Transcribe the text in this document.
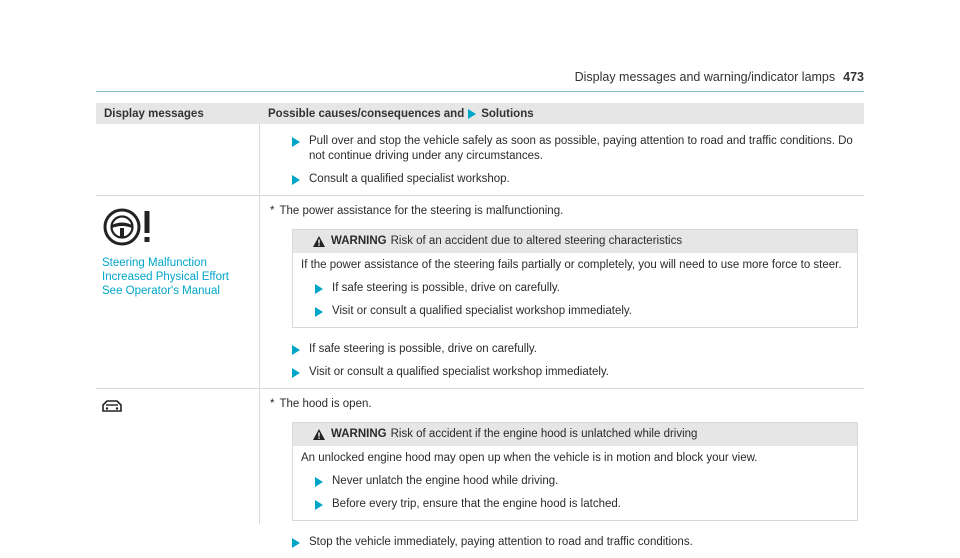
Display messages and warning/indicator lamps 473
Display messages	Possible causes/consequences and Solutions
Pull over and stop the vehicle safely as soon as possible, paying attention to road and traffic conditions. Do not continue driving under any circumstances.
Consult a qualified specialist workshop.
Steering Malfunction
Increased Physical Effort
See Operator's Manual
* The power assistance for the steering is malfunctioning.
WARNING Risk of an accident due to altered steering characteristics
If the power assistance of the steering fails partially or completely, you will need to use more force to steer.
If safe steering is possible, drive on carefully.
Visit or consult a qualified specialist workshop immediately.
If safe steering is possible, drive on carefully.
Visit or consult a qualified specialist workshop immediately.
* The hood is open.
WARNING Risk of accident if the engine hood is unlatched while driving
An unlocked engine hood may open up when the vehicle is in motion and block your view.
Never unlatch the engine hood while driving.
Before every trip, ensure that the engine hood is latched.
Stop the vehicle immediately, paying attention to road and traffic conditions.
